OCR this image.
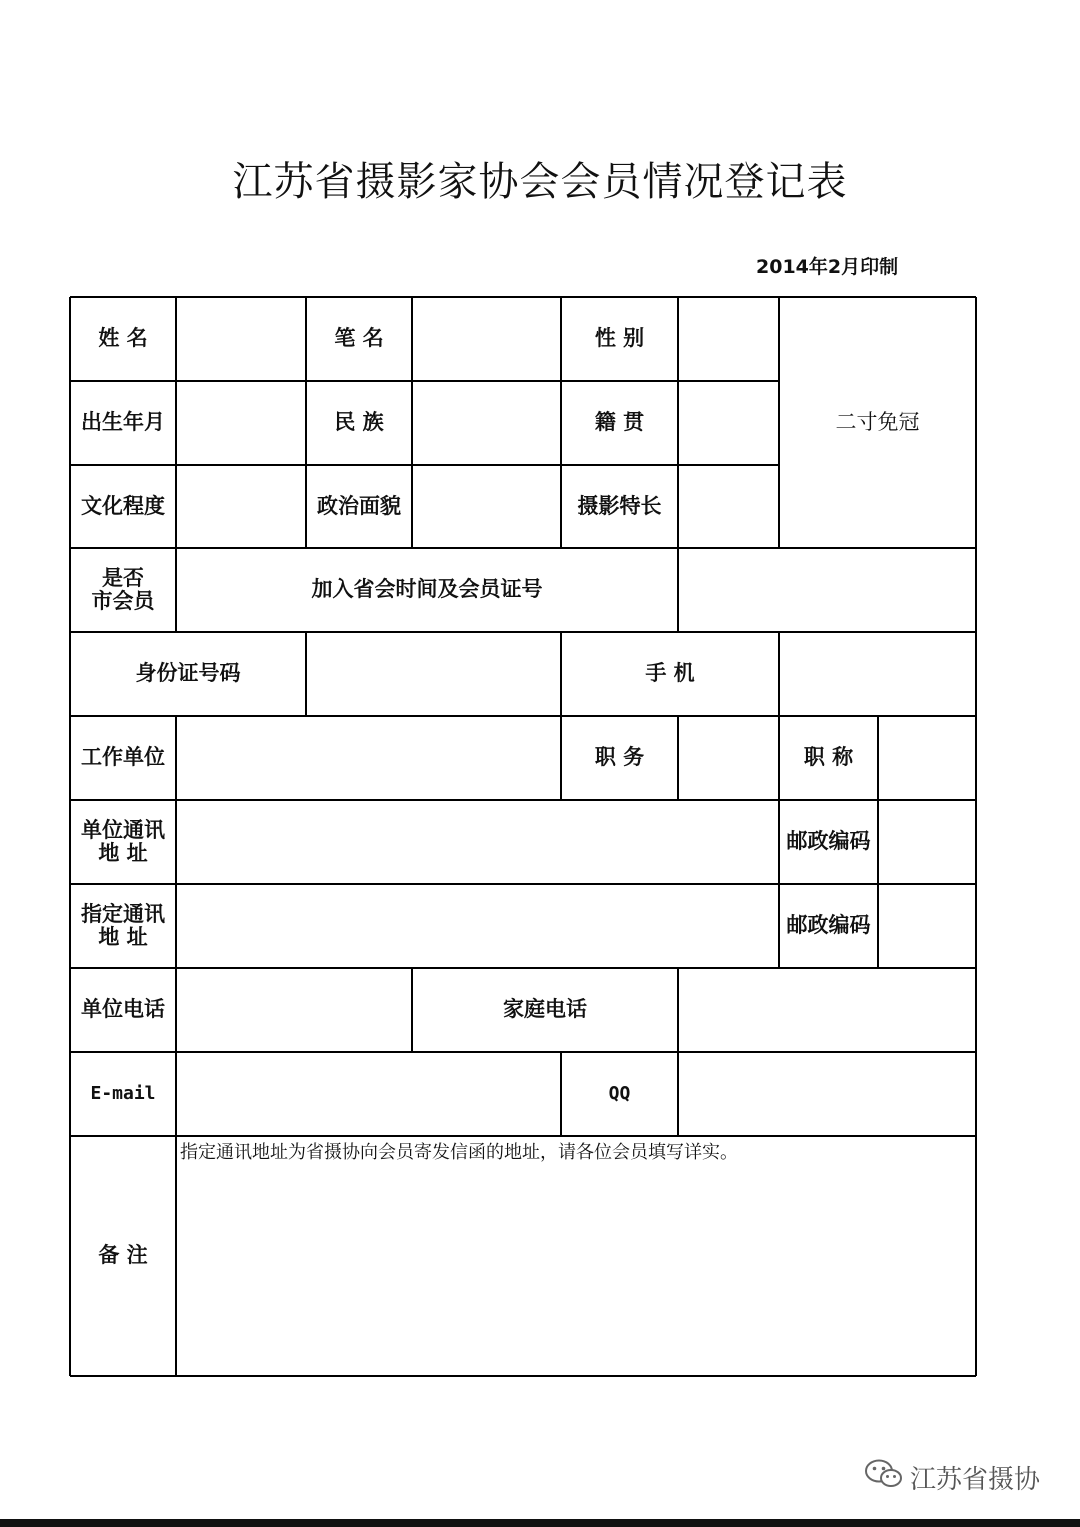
江苏省摄影家协会会员情况登记表
2014年2月印制
姓 名	笔 名	性 别
二寸免冠
出生年月	民 族	籍 贯
文化程度	政治面貌	摄影特长
是否
市会员	加入省会时间及会员证号
身份证号码	手 机
工作单位	职 务	职 称
单位通讯
地 址	邮政编码
指定通讯
地 址	邮政编码
单位电话	家庭电话
E-mail	QQ
备 注
指定通讯地址为省摄协向会员寄发信函的地址，请各位会员填写详实。
江苏省摄协
